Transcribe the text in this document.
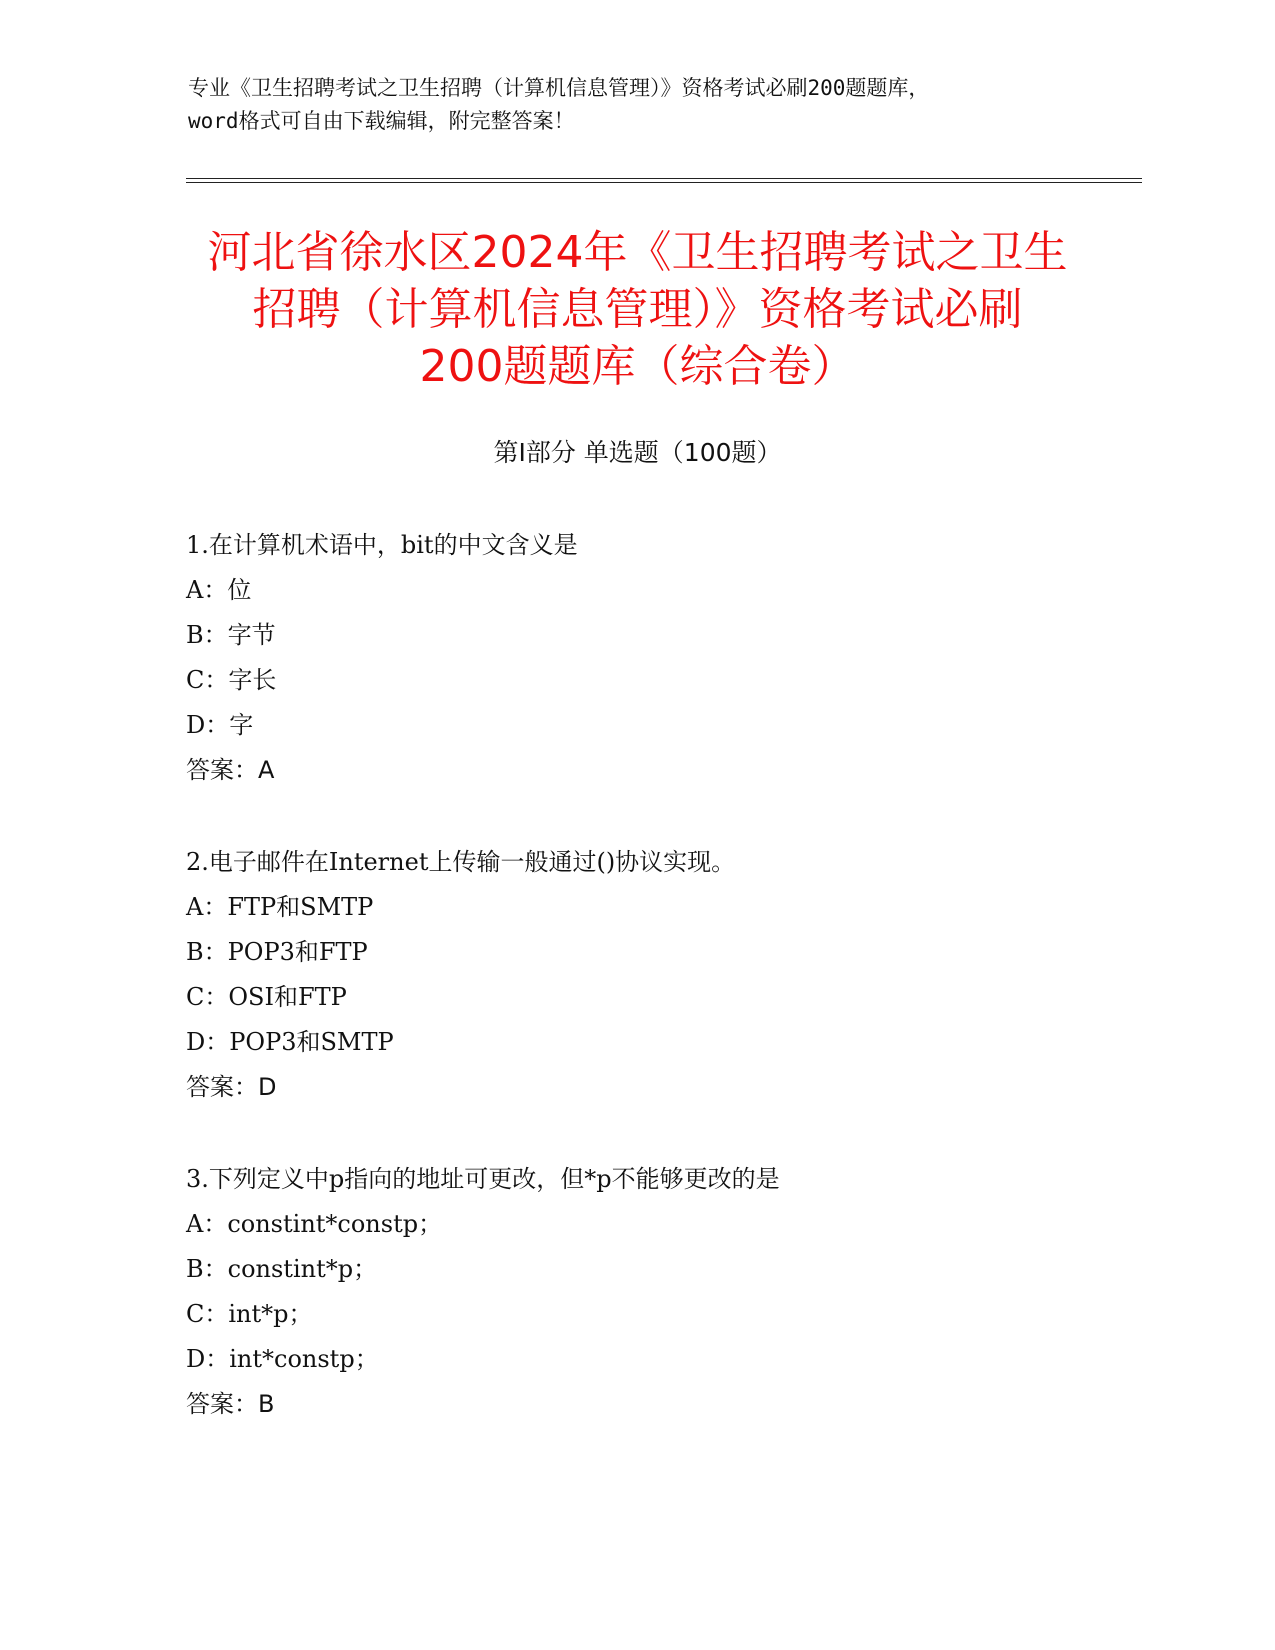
专业《卫生招聘考试之卫生招聘（计算机信息管理）》资格考试必刷200题题库，
word格式可自由下载编辑，附完整答案！
河北省徐水区2024年《卫生招聘考试之卫生
招聘（计算机信息管理）》资格考试必刷
200题题库（综合卷）
第Ⅰ部分 单选题（100题）
1.在计算机术语中，bit的中文含义是
A：位
B：字节
C：字长
D：字
答案：A
2.电子邮件在Internet上传输一般通过()协议实现。
A：FTP和SMTP
B：POP3和FTP
C：OSI和FTP
D：POP3和SMTP
答案：D
3.下列定义中p指向的地址可更改，但*p不能够更改的是
A：constint*constp；
B：constint*p；
C：int*p；
D：int*constp；
答案：B
